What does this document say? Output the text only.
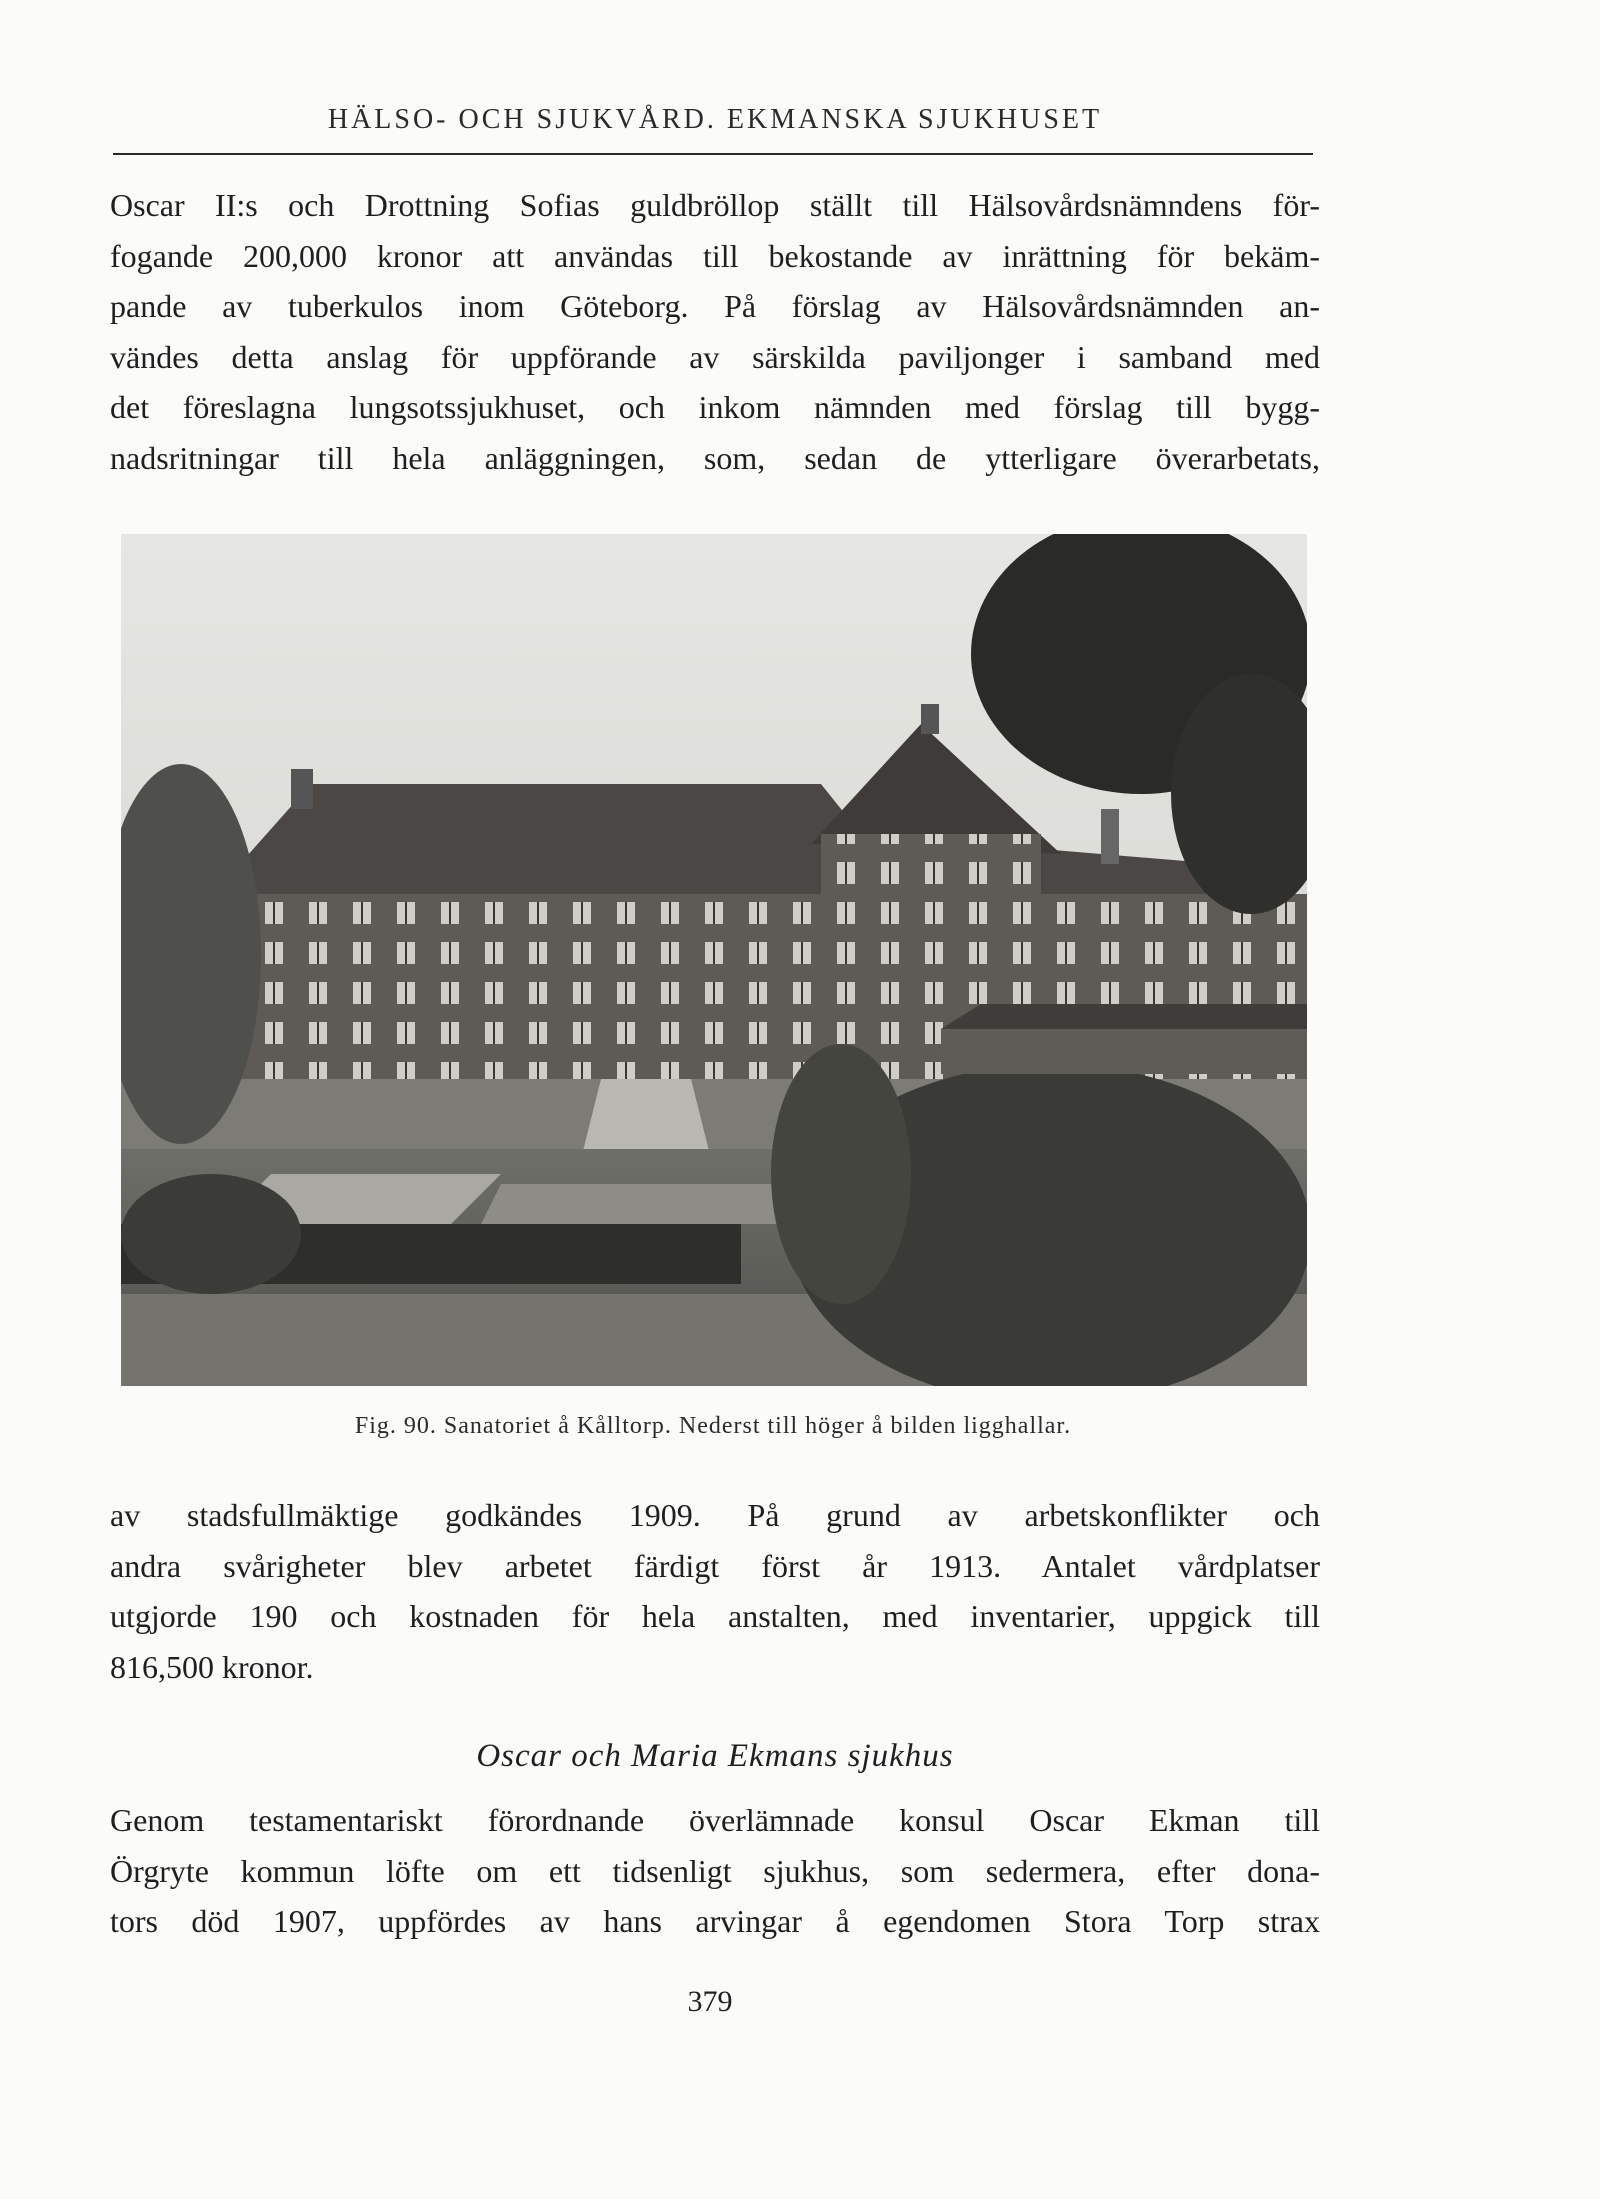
HÄLSO- OCH SJUKVÅRD. EKMANSKA SJUKHUSET
Oscar II:s och Drottning Sofias guldbröllop ställt till Hälsovårdsnämndens för-
fogande 200,000 kronor att användas till bekostande av inrättning för bekäm-
pande av tuberkulos inom Göteborg. På förslag av Hälsovårdsnämnden an-
vändes detta anslag för uppförande av särskilda paviljonger i samband med
det föreslagna lungsotssjukhuset, och inkom nämnden med förslag till bygg-
nadsritningar till hela anläggningen, som, sedan de ytterligare överarbetats,
Fig. 90. Sanatoriet å Kålltorp. Nederst till höger å bilden ligghallar.
av stadsfullmäktige godkändes 1909. På grund av arbetskonflikter och
andra svårigheter blev arbetet färdigt först år 1913. Antalet vårdplatser
utgjorde 190 och kostnaden för hela anstalten, med inventarier, uppgick till
816,500 kronor.
Oscar och Maria Ekmans sjukhus
Genom testamentariskt förordnande överlämnade konsul Oscar Ekman till
Örgryte kommun löfte om ett tidsenligt sjukhus, som sedermera, efter dona-
tors död 1907, uppfördes av hans arvingar å egendomen Stora Torp strax
379
